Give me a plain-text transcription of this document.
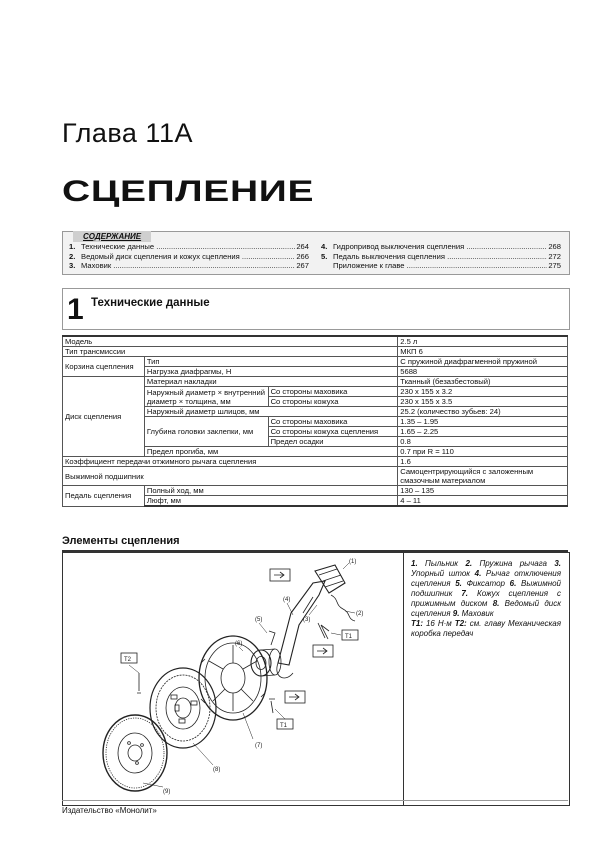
Глава 11А
СЦЕПЛЕНИЕ
СОДЕРЖАНИЕ
1. Технические данные .....	264
2. Ведомый диск сцепления и кожух сцепления .....	266
3. Маховик .....	267
4. Гидропривод выключения сцепления .....	268
5. Педаль выключения сцепления .....	272
Приложение к главе .....	275
1 Технические данные
Модель			2.5 л
Тип трансмиссии			МКП 6
Корзина сцепления	Тип		С пружиной диафрагменной пружиной
	Нагрузка диафрагмы, Н		5688
Диск сцепления	Материал накладки		Тканный (безазбестовый)
	Наружный диаметр × внутренний диаметр × толщина, мм	Со стороны маховика	230 x 155 x 3.2
		Со стороны кожуха	230 x 155 x 3.5
	Наружный диаметр шлицов, мм		25.2 (количество зубьев: 24)
	Глубина головки заклепки, мм	Со стороны маховика	1.35 – 1.95
		Со стороны кожуха сцепления	1.65 – 2.25
		Предел осадки	0.8
	Предел прогиба, мм		0.7 при R = 110
Коэффициент передачи отжимного рычага сцепления			1.6
Выжимной подшипник			Самоцентрирующийся с заложенным смазочным материалом
Педаль сцепления	Полный ход, мм		130 – 135
	Люфт, мм		4 – 11
Элементы сцепления
(1)
(2)
(3)
(4)
(5)
(6)
(7)
(8)
(9)
T1
T1
T2
1. Пыльник 2. Пружина рычага 3. Упорный шток 4. Рычаг отключения сцепления 5. Фиксатор 6. Выжимной подшипник 7. Кожух сцепления с прижимным диском 8. Ведомый диск сцепления 9. Маховик
T1: 16 Н·м T2: см. главу Механическая коробка передач
Издательство «Монолит»
